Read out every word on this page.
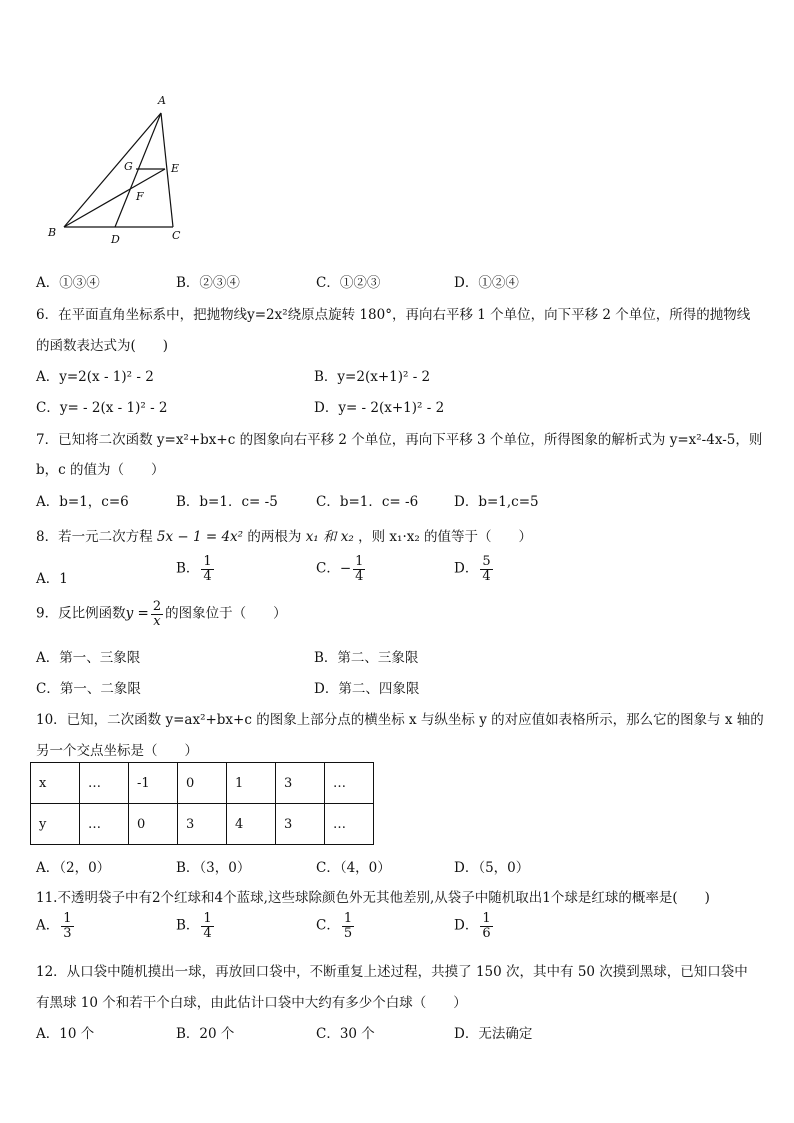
A
G	E
F
B
D	C
A．①③④	B．②③④	C．①②③	D．①②④
6．在平面直角坐标系中，把抛物线y=2x²绕原点旋转 180°，再向右平移 1 个单位，向下平移 2 个单位，所得的抛物线
的函数表达式为(　　)
A．y=2(x - 1)² - 2	B．y=2(x+1)² - 2
C．y= - 2(x - 1)² - 2	D．y= - 2(x+1)² - 2
7．已知将二次函数 y=x²+bx+c 的图象向右平移 2 个单位，再向下平移 3 个单位，所得图象的解析式为 y=x²-4x-5，则
b，c 的值为（　　）
A．b=1，c=6	B．b=1．c= -5	C．b=1．c= -6	D．b=1,c=5
8．若一元二次方程 5x − 1 = 4x² 的两根为 x₁ 和 x₂ ，则 x₁·x₂ 的值等于（　　）
A．1
B． $\frac{1}{4}$	C．− $\frac{1}{4}$	D． $\frac{5}{4}$
9．反比例函数$y = \frac{2}{x}$ 的图象位于（　　）
A．第一、三象限	B．第二、三象限
C．第一、二象限	D．第二、四象限
10．已知，二次函数 y=ax²+bx+c 的图象上部分点的横坐标 x 与纵坐标 y 的对应值如表格所示，那么它的图象与 x 轴的
另一个交点坐标是（　　）
x	…	-1	0	1	3	…
y	…	0	3	4	3	…
A．（2，0）	B．（3，0）	C．（4，0）	D．（5，0）
11.不透明袋子中有2个红球和4个蓝球,这些球除颜色外无其他差别,从袋子中随机取出1个球是红球的概率是(　　)
A． $\frac{1}{3}$	B． $\frac{1}{4}$	C． $\frac{1}{5}$	D． $\frac{1}{6}$
12．从口袋中随机摸出一球，再放回口袋中，不断重复上述过程，共摸了 150 次，其中有 50 次摸到黑球，已知口袋中
有黑球 10 个和若干个白球，由此估计口袋中大约有多少个白球（　　）
A．10 个	B．20 个	C．30 个	D．无法确定
